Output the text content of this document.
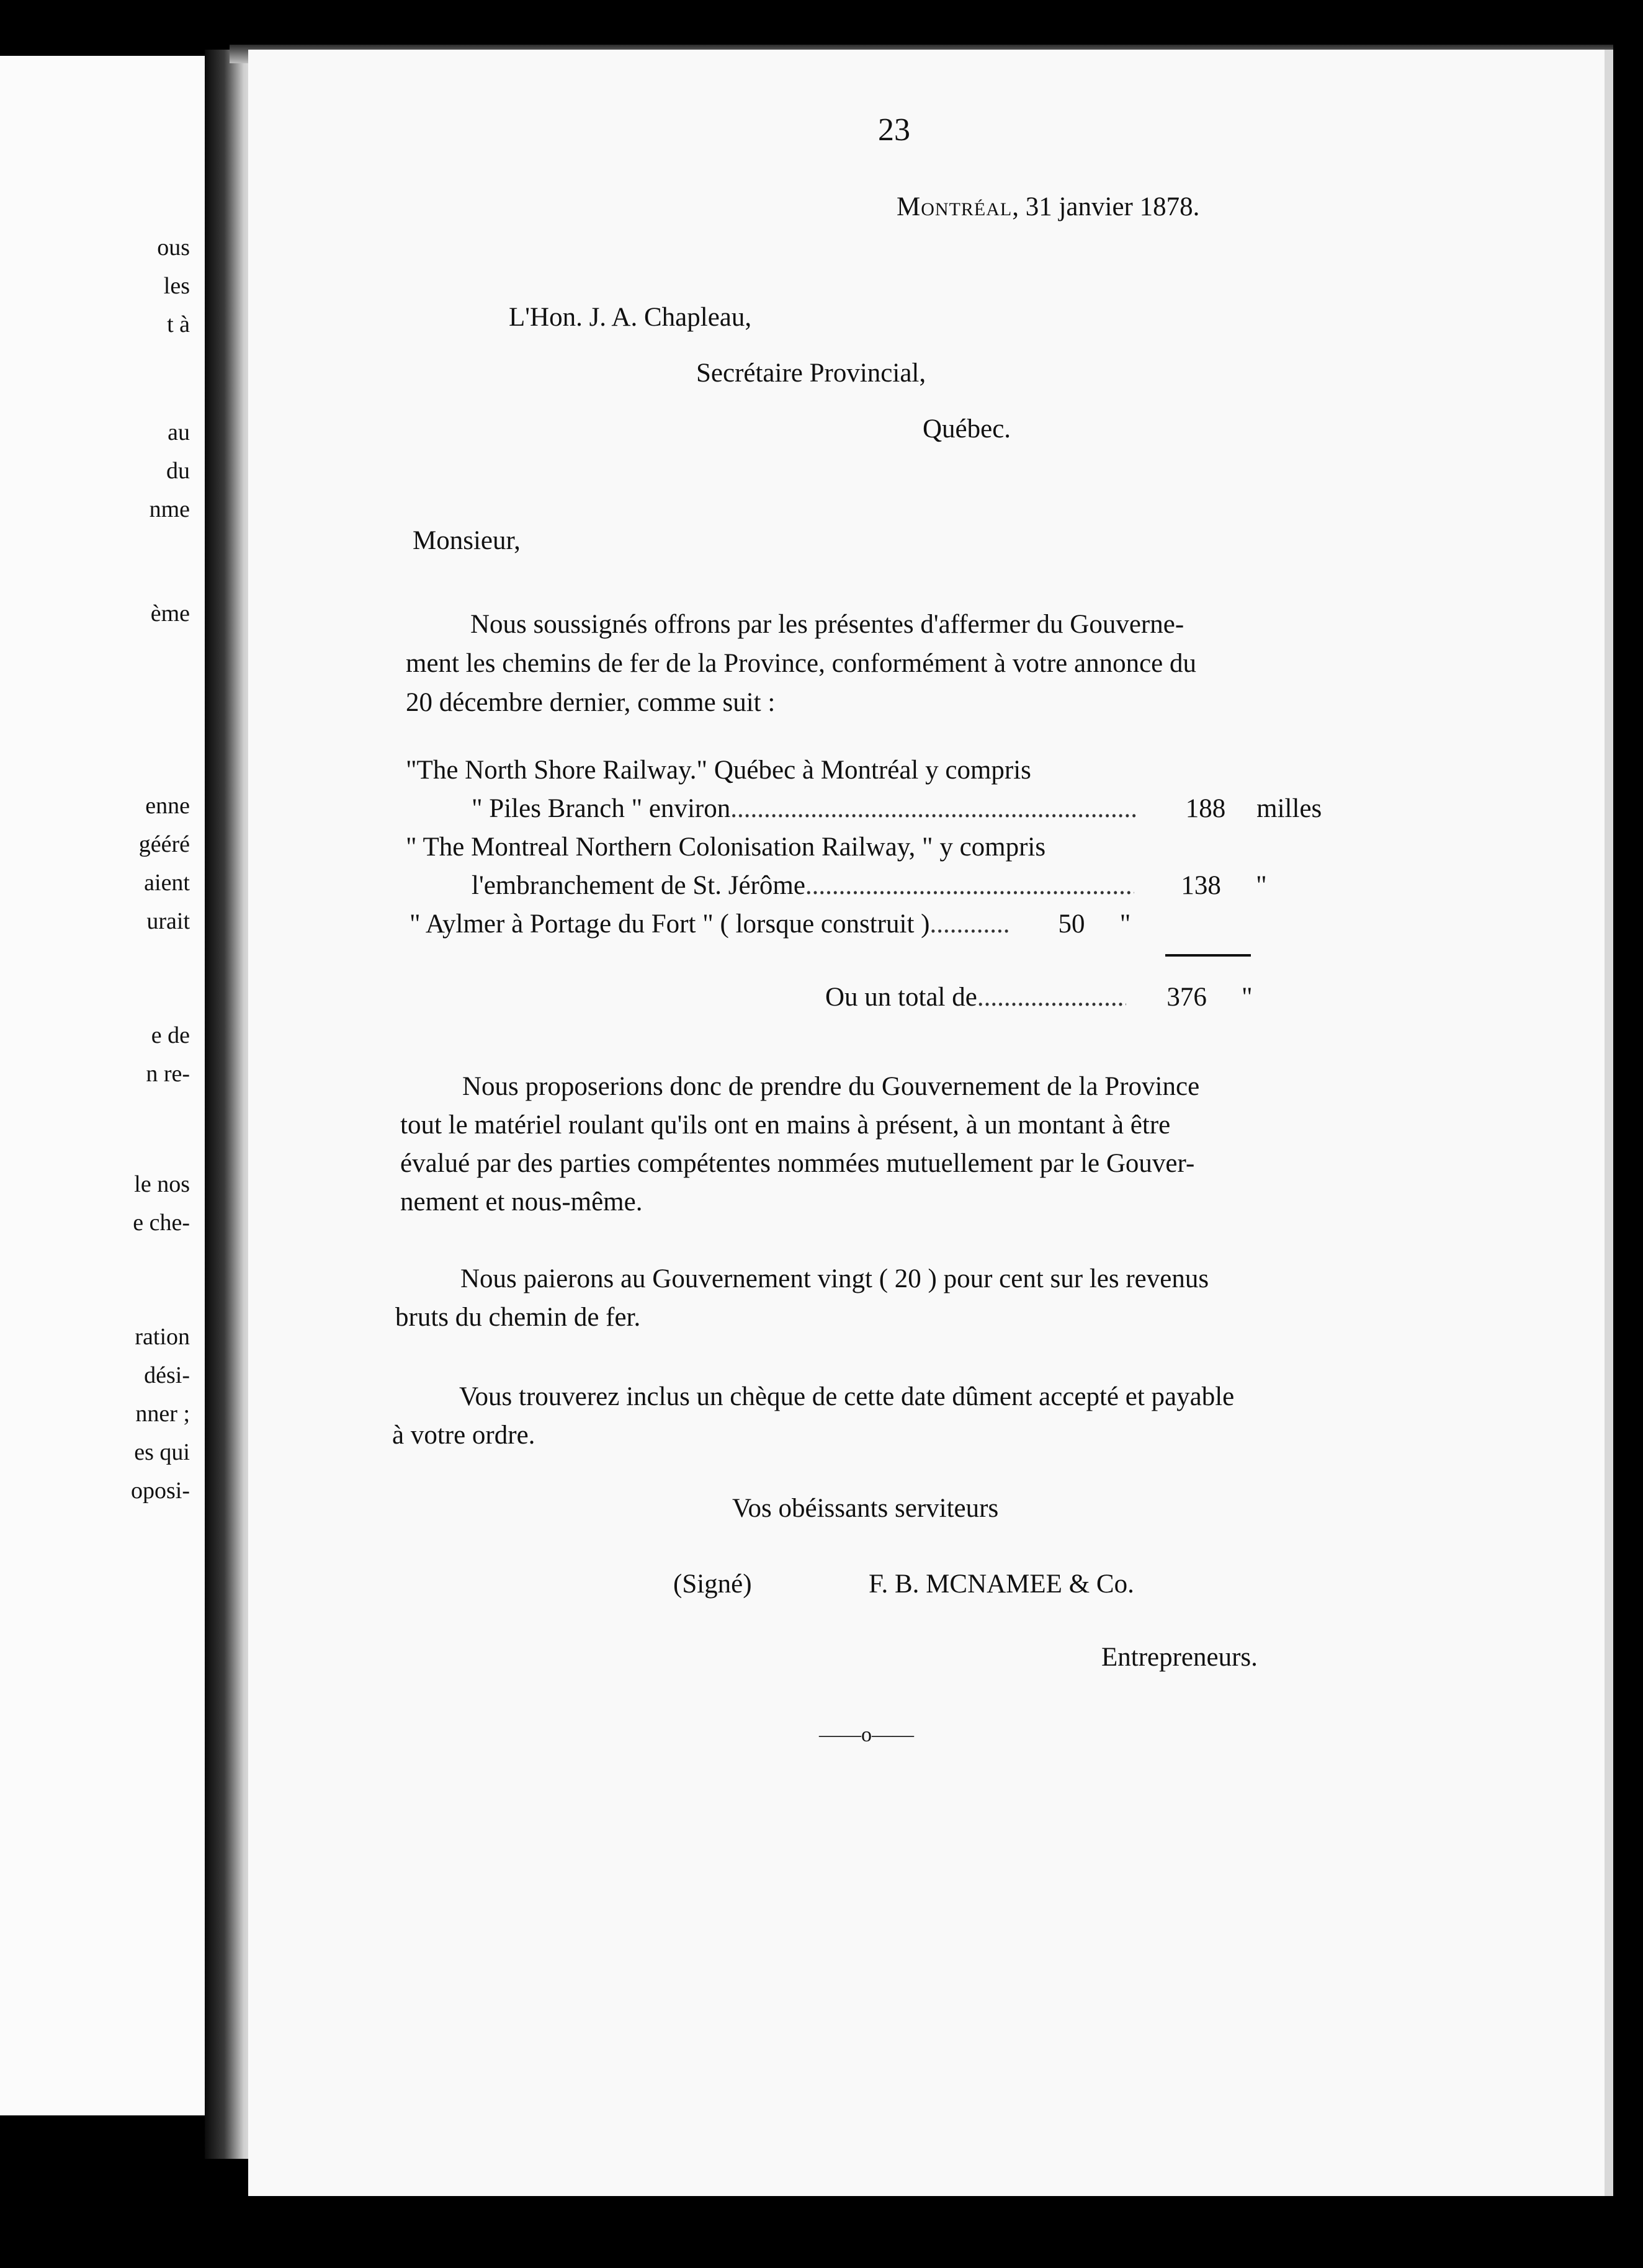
ous
les
t à
au
du
nme
ème
enne
gééré
aient
urait
e de
n re-
le nos
e che-
ration
dési-
nner ;
es qui
oposi-
23
Montréal, 31 janvier 1878.
L'Hon. J. A. Chapleau,
Secrétaire Provincial,
Québec.
Monsieur,
Nous soussignés offrons par les présentes d'affermer du Gouverne-
ment les chemins de fer de la Province, conformément à votre annonce du
20 décembre dernier, comme suit :
"The North Shore Railway." Québec à Montréal y compris
" Piles Branch " environ .....	188	milles
" The Montreal Northern Colonisation Railway, " y compris
l'embranchement de St. Jérôme .....	138	"
" Aylmer à Portage du Fort " ( lorsque construit ) .....	50	"
Ou un total de .....	376	"
Nous proposerions donc de prendre du Gouvernement de la Province
tout le matériel roulant qu'ils ont en mains à présent, à un montant à être
évalué par des parties compétentes nommées mutuellement par le Gouver-
nement et nous-même.
Nous paierons au Gouvernement vingt ( 20 ) pour cent sur les revenus
bruts du chemin de fer.
Vous trouverez inclus un chèque de cette date dûment accepté et payable
à votre ordre.
Vos obéissants serviteurs
(Signé)	F. B. MCNAMEE & Co.
Entrepreneurs.
——o——
